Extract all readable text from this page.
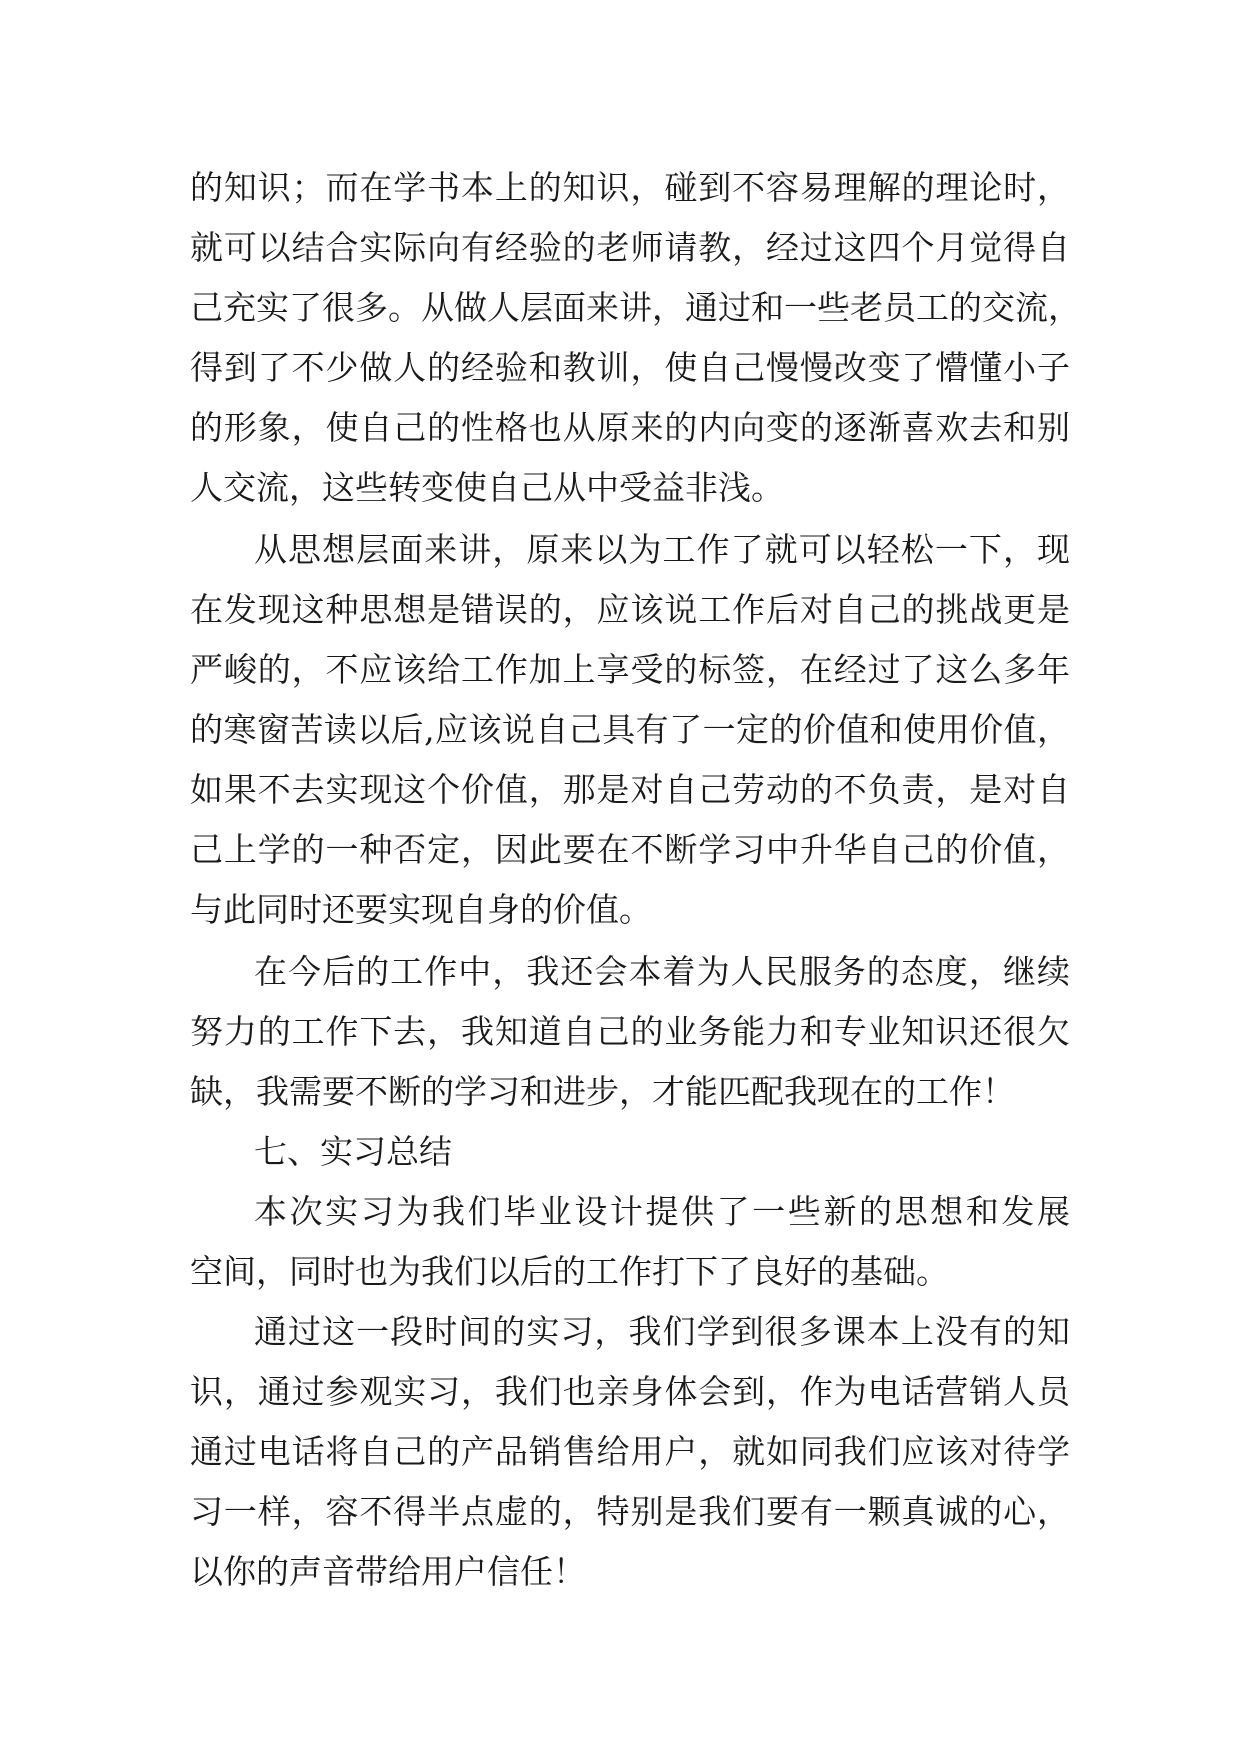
的知识；而在学书本上的知识，碰到不容易理解的理论时，
就可以结合实际向有经验的老师请教，经过这四个月觉得自
己充实了很多。从做人层面来讲，通过和一些老员工的交流，
得到了不少做人的经验和教训，使自己慢慢改变了懵懂小子
的形象，使自己的性格也从原来的内向变的逐渐喜欢去和别
人交流，这些转变使自己从中受益非浅。
从思想层面来讲，原来以为工作了就可以轻松一下，现
在发现这种思想是错误的，应该说工作后对自己的挑战更是
严峻的，不应该给工作加上享受的标签，在经过了这么多年
的寒窗苦读以后,应该说自己具有了一定的价值和使用价值，
如果不去实现这个价值，那是对自己劳动的不负责，是对自
己上学的一种否定，因此要在不断学习中升华自己的价值，
与此同时还要实现自身的价值。
在今后的工作中，我还会本着为人民服务的态度，继续
努力的工作下去，我知道自己的业务能力和专业知识还很欠
缺，我需要不断的学习和进步，才能匹配我现在的工作！
七、实习总结
本次实习为我们毕业设计提供了一些新的思想和发展
空间，同时也为我们以后的工作打下了良好的基础。
通过这一段时间的实习，我们学到很多课本上没有的知
识，通过参观实习，我们也亲身体会到，作为电话营销人员
通过电话将自己的产品销售给用户，就如同我们应该对待学
习一样，容不得半点虚的，特别是我们要有一颗真诚的心，
以你的声音带给用户信任！
